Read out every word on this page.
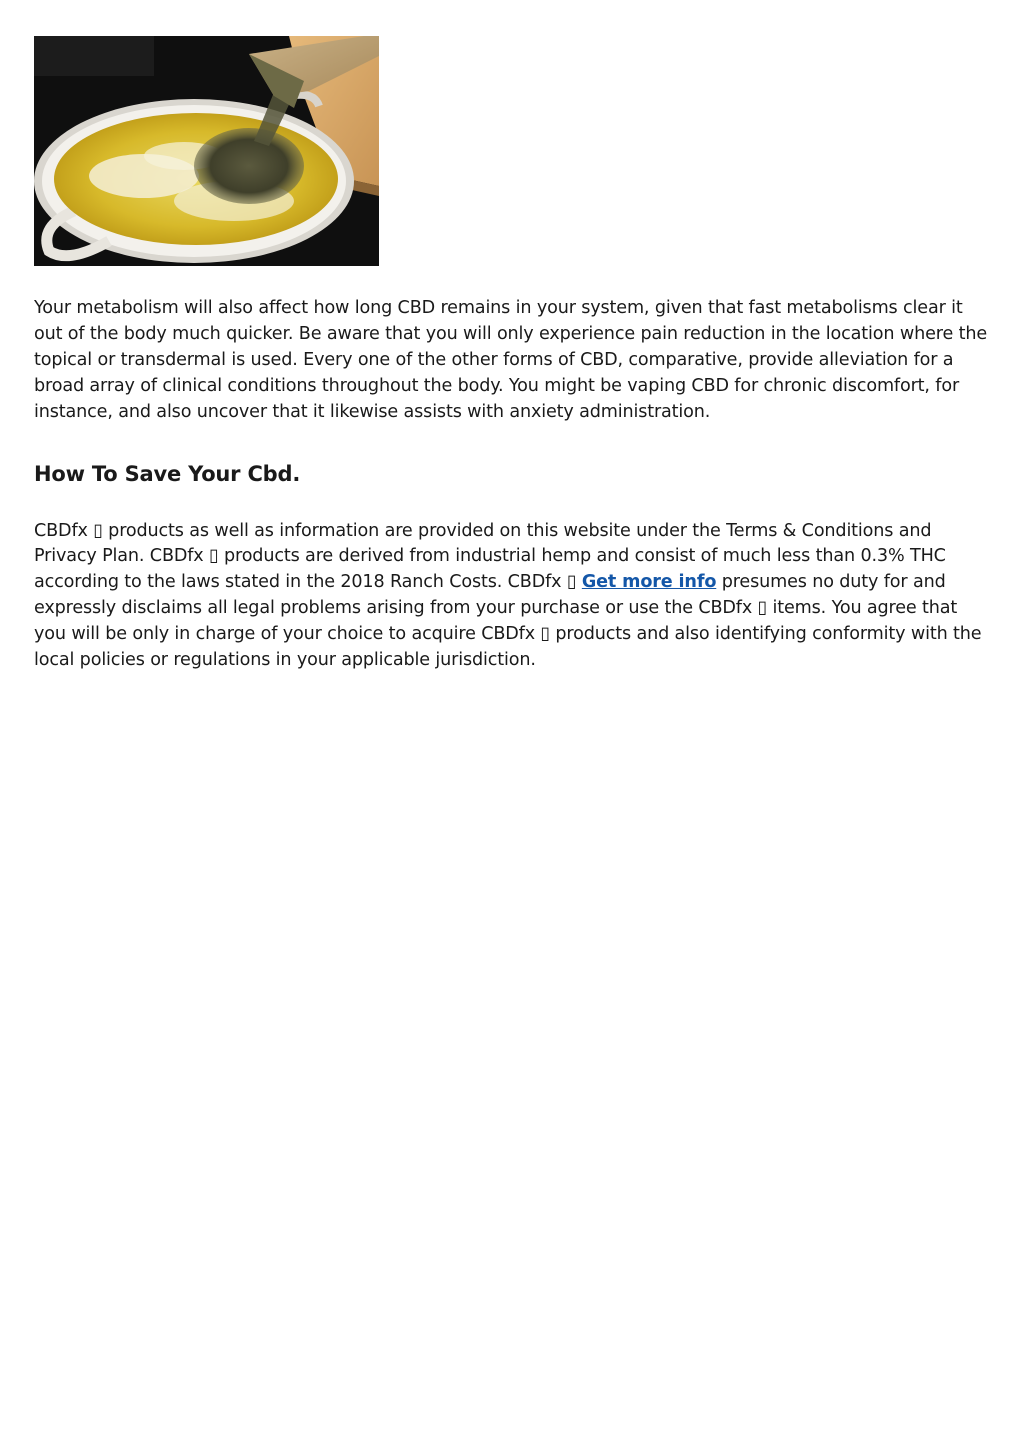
Your metabolism will also affect how long CBD remains in your system, given that fast metabolisms clear it out of the body much quicker. Be aware that you will only experience pain reduction in the location where the topical or transdermal is used. Every one of the other forms of CBD, comparative, provide alleviation for a broad array of clinical conditions throughout the body. You might be vaping CBD for chronic discomfort, for instance, and also uncover that it likewise assists with anxiety administration.

How To Save Your Cbd.

CBDfx ▯ products as well as information are provided on this website under the Terms & Conditions and Privacy Plan. CBDfx ▯ products are derived from industrial hemp and consist of much less than 0.3% THC according to the laws stated in the 2018 Ranch Costs. CBDfx ▯ Get more info presumes no duty for and expressly disclaims all legal problems arising from your purchase or use the CBDfx ▯ items. You agree that you will be only in charge of your choice to acquire CBDfx ▯ products and also identifying conformity with the local policies or regulations in your applicable jurisdiction.
